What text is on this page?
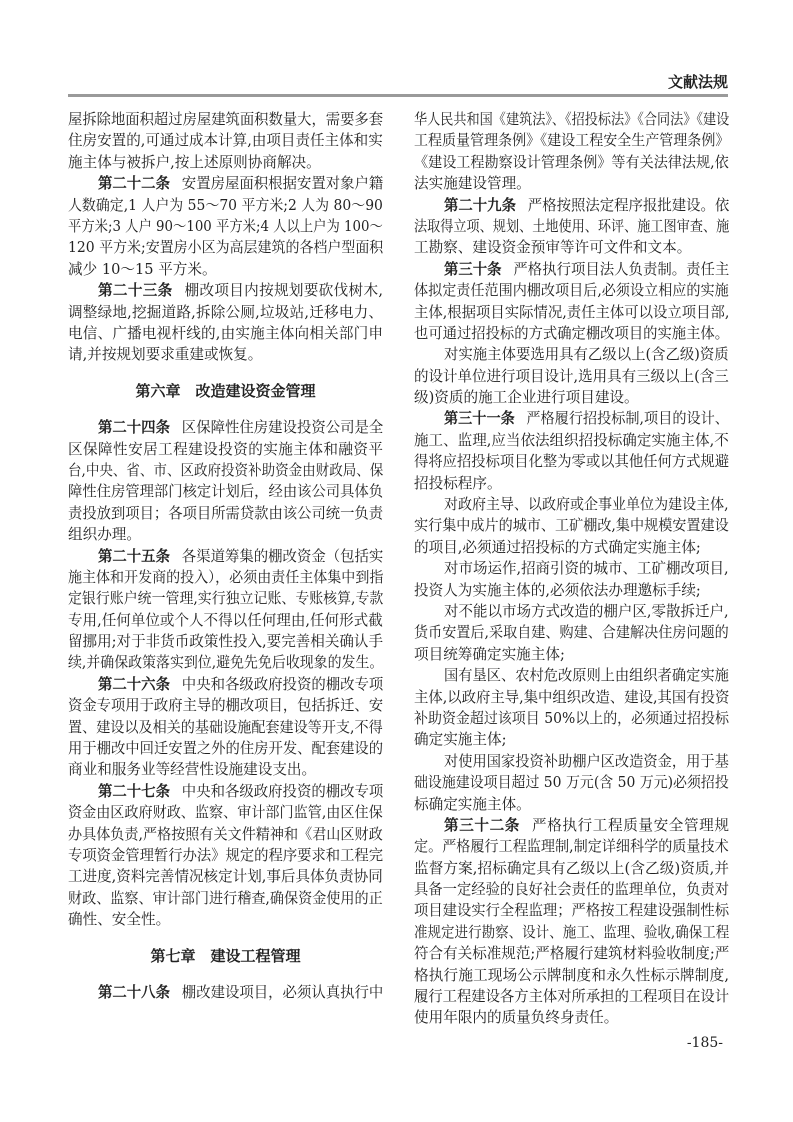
文献法规
屋拆除地面积超过房屋建筑面积数量大，需要多套
住房安置的,可通过成本计算,由项目责任主体和实
施主体与被拆户,按上述原则协商解决。
第二十二条 安置房屋面积根据安置对象户籍
人数确定,1 人户为 55～70 平方米;2 人为 80～90
平方米;3 人户 90～100 平方米;4 人以上户为 100～
120 平方米;安置房小区为高层建筑的各档户型面积
减少 10～15 平方米。
第二十三条 棚改项目内按规划要砍伐树木,
调整绿地,挖掘道路,拆除公厕,垃圾站,迁移电力、
电信、广播电视杆线的,由实施主体向相关部门申
请,并按规划要求重建或恢复。
第六章　改造建设资金管理
第二十四条 区保障性住房建设投资公司是全
区保障性安居工程建设投资的实施主体和融资平
台,中央、省、市、区政府投资补助资金由财政局、保
障性住房管理部门核定计划后，经由该公司具体负
责投放到项目；各项目所需贷款由该公司统一负责
组织办理。
第二十五条 各渠道筹集的棚改资金（包括实
施主体和开发商的投入），必须由责任主体集中到指
定银行账户统一管理,实行独立记账、专账核算,专款
专用,任何单位或个人不得以任何理由,任何形式截
留挪用;对于非货币政策性投入,要完善相关确认手
续,并确保政策落实到位,避免先免后收现象的发生。
第二十六条 中央和各级政府投资的棚改专项
资金专项用于政府主导的棚改项目，包括拆迁、安
置、建设以及相关的基础设施配套建设等开支,不得
用于棚改中回迁安置之外的住房开发、配套建设的
商业和服务业等经营性设施建设支出。
第二十七条 中央和各级政府投资的棚改专项
资金由区政府财政、监察、审计部门监管,由区住保
办具体负责,严格按照有关文件精神和《君山区财政
专项资金管理暂行办法》规定的程序要求和工程完
工进度,资料完善情况核定计划,事后具体负责协同
财政、监察、审计部门进行稽查,确保资金使用的正
确性、安全性。
第七章　建设工程管理
第二十八条 棚改建设项目，必须认真执行中
华人民共和国《建筑法》、《招投标法》《合同法》《建设
工程质量管理条例》《建设工程安全生产管理条例》
《建设工程勘察设计管理条例》等有关法律法规,依
法实施建设管理。
第二十九条 严格按照法定程序报批建设。依
法取得立项、规划、土地使用、环评、施工图审查、施
工勘察、建设资金预审等许可文件和文本。
第三十条 严格执行项目法人负责制。责任主
体拟定责任范围内棚改项目后,必须设立相应的实施
主体,根据项目实际情况,责任主体可以设立项目部,
也可通过招投标的方式确定棚改项目的实施主体。
对实施主体要选用具有乙级以上(含乙级)资质
的设计单位进行项目设计,选用具有三级以上(含三
级)资质的施工企业进行项目建设。
第三十一条 严格履行招投标制,项目的设计、
施工、监理,应当依法组织招投标确定实施主体,不
得将应招投标项目化整为零或以其他任何方式规避
招投标程序。
对政府主导、以政府或企事业单位为建设主体,
实行集中成片的城市、工矿棚改,集中规模安置建设
的项目,必须通过招投标的方式确定实施主体;
对市场运作,招商引资的城市、工矿棚改项目,
投资人为实施主体的,必须依法办理邀标手续;
对不能以市场方式改造的棚户区,零散拆迁户,
货币安置后,采取自建、购建、合建解决住房问题的
项目统筹确定实施主体;
国有垦区、农村危改原则上由组织者确定实施
主体,以政府主导,集中组织改造、建设,其国有投资
补助资金超过该项目 50%以上的，必须通过招投标
确定实施主体;
对使用国家投资补助棚户区改造资金，用于基
础设施建设项目超过 50 万元(含 50 万元)必须招投
标确定实施主体。
第三十二条 严格执行工程质量安全管理规
定。严格履行工程监理制,制定详细科学的质量技术
监督方案,招标确定具有乙级以上(含乙级)资质,并
具备一定经验的良好社会责任的监理单位，负责对
项目建设实行全程监理；严格按工程建设强制性标
准规定进行勘察、设计、施工、监理、验收,确保工程
符合有关标准规范;严格履行建筑材料验收制度;严
格执行施工现场公示牌制度和永久性标示牌制度,
履行工程建设各方主体对所承担的工程项目在设计
使用年限内的质量负终身责任。
-185-
